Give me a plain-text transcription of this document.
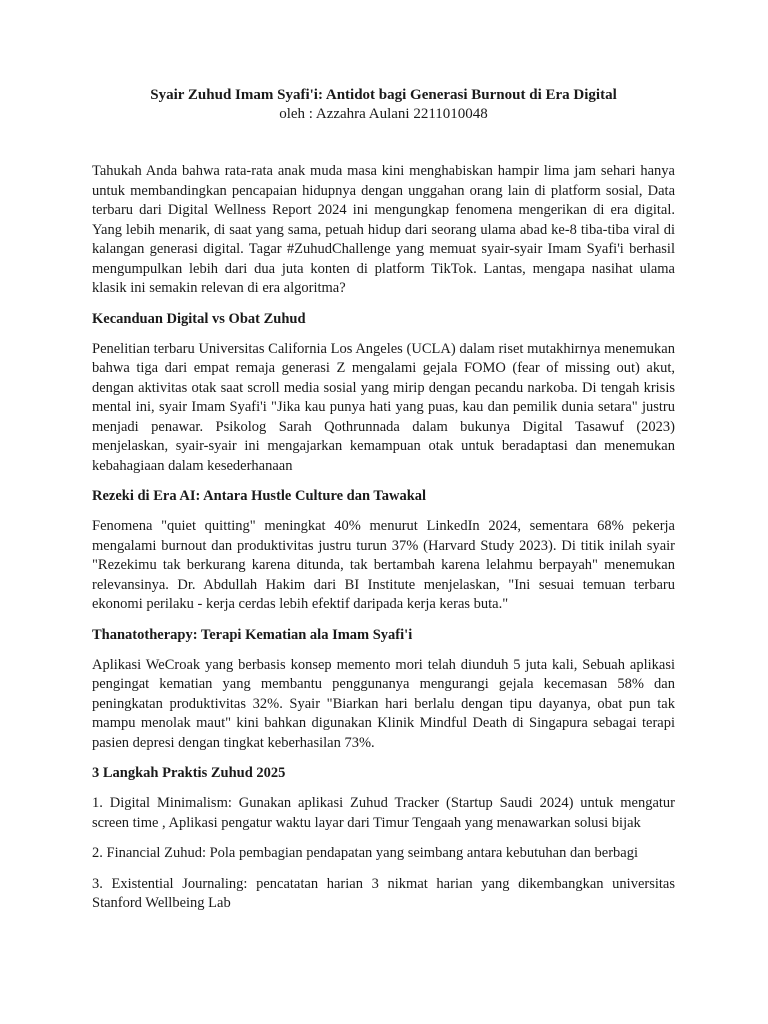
Syair Zuhud Imam Syafi'i: Antidot bagi Generasi Burnout di Era Digital

oleh : Azzahra Aulani 2211010048

Tahukah Anda bahwa rata-rata anak muda masa kini menghabiskan hampir lima jam sehari hanya untuk membandingkan pencapaian hidupnya dengan unggahan orang lain di platform sosial, Data terbaru dari Digital Wellness Report 2024 ini mengungkap fenomena mengerikan di era digital. Yang lebih menarik, di saat yang sama, petuah hidup dari seorang ulama abad ke-8 tiba-tiba viral di kalangan generasi digital. Tagar #ZuhudChallenge yang memuat syair-syair Imam Syafi'i berhasil mengumpulkan lebih dari dua juta konten di platform TikTok. Lantas, mengapa nasihat ulama klasik ini semakin relevan di era algoritma?

Kecanduan Digital vs Obat Zuhud

Penelitian terbaru Universitas California Los Angeles (UCLA) dalam riset mutakhirnya menemukan bahwa tiga dari empat remaja generasi Z mengalami gejala FOMO (fear of missing out) akut, dengan aktivitas otak saat scroll media sosial yang mirip dengan pecandu narkoba. Di tengah krisis mental ini, syair Imam Syafi'i "Jika kau punya hati yang puas, kau dan pemilik dunia setara" justru menjadi penawar. Psikolog Sarah Qothrunnada dalam bukunya Digital Tasawuf (2023) menjelaskan, syair-syair ini mengajarkan kemampuan otak untuk beradaptasi dan menemukan kebahagiaan dalam kesederhanaan

Rezeki di Era AI: Antara Hustle Culture dan Tawakal

Fenomena "quiet quitting" meningkat 40% menurut LinkedIn 2024, sementara 68% pekerja mengalami burnout dan produktivitas justru turun 37% (Harvard Study 2023). Di titik inilah syair "Rezekimu tak berkurang karena ditunda, tak bertambah karena lelahmu berpayah" menemukan relevansinya. Dr. Abdullah Hakim dari BI Institute menjelaskan, "Ini sesuai temuan terbaru ekonomi perilaku - kerja cerdas lebih efektif daripada kerja keras buta."

Thanatotherapy: Terapi Kematian ala Imam Syafi'i

Aplikasi WeCroak yang berbasis konsep memento mori telah diunduh 5 juta kali, Sebuah aplikasi pengingat kematian yang membantu penggunanya mengurangi gejala kecemasan 58% dan peningkatan produktivitas 32%. Syair "Biarkan hari berlalu dengan tipu dayanya, obat pun tak mampu menolak maut" kini bahkan digunakan Klinik Mindful Death di Singapura sebagai terapi pasien depresi dengan tingkat keberhasilan 73%.

3 Langkah Praktis Zuhud 2025

1. Digital Minimalism: Gunakan aplikasi Zuhud Tracker (Startup Saudi 2024) untuk mengatur screen time , Aplikasi pengatur waktu layar dari Timur Tengaah yang menawarkan solusi bijak

2. Financial Zuhud: Pola pembagian pendapatan yang seimbang antara kebutuhan dan berbagi

3. Existential Journaling: pencatatan harian 3 nikmat harian yang dikembangkan universitas Stanford Wellbeing Lab
